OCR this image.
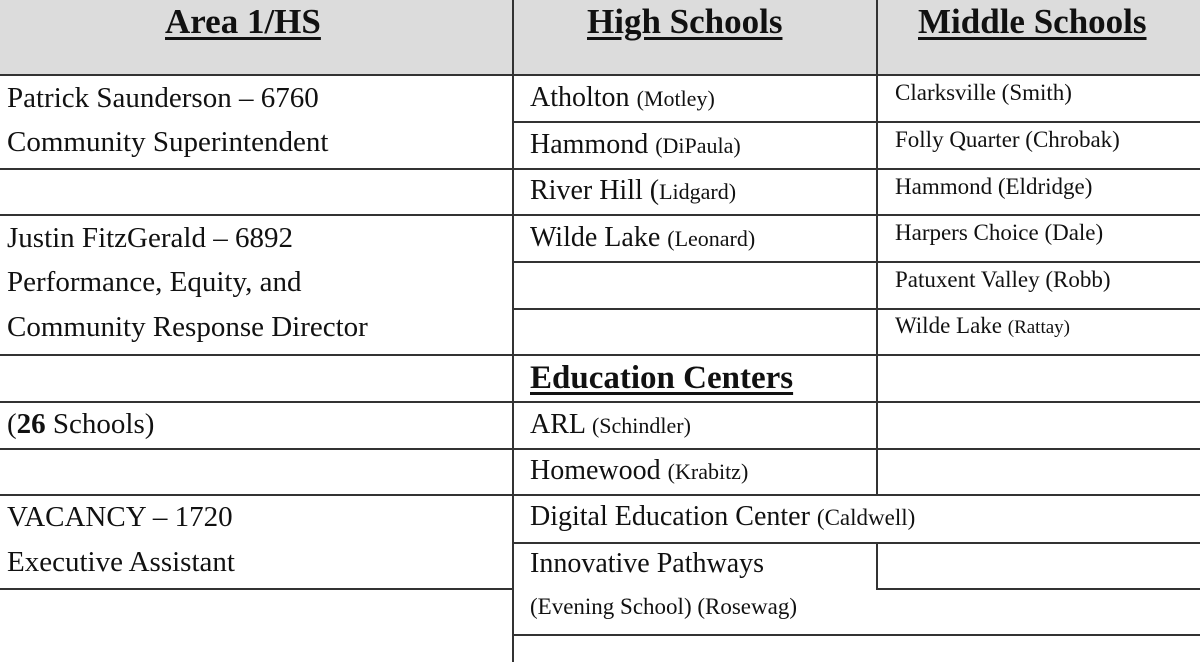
Area 1/HS	High Schools	Middle Schools
Patrick Saunderson – 6760
Community Superintendent
Justin FitzGerald – 6892
Performance, Equity, and
Community Response Director
(26 Schools)
VACANCY – 1720
Executive Assistant
Atholton (Motley)
Hammond (DiPaula)
River Hill (Lidgard)
Wilde Lake (Leonard)
Education Centers
ARL (Schindler)
Homewood (Krabitz)
Digital Education Center (Caldwell)
Innovative Pathways
(Evening School) (Rosewag)
Clarksville (Smith)
Folly Quarter (Chrobak)
Hammond (Eldridge)
Harpers Choice (Dale)
Patuxent Valley (Robb)
Wilde Lake (Rattay)
